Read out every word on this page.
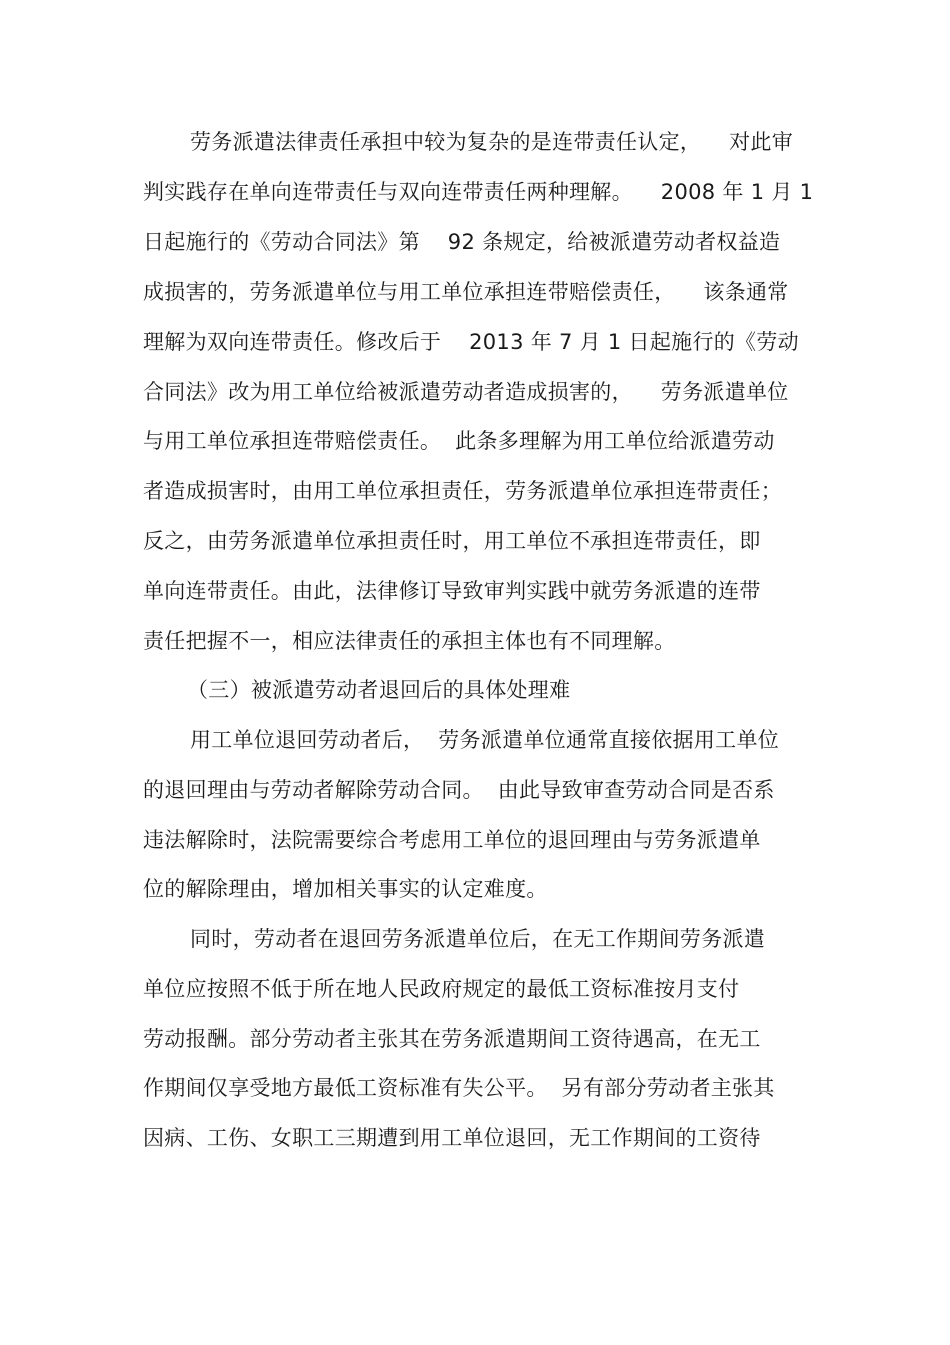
劳务派遣法律责任承担中较为复杂的是连带责任认定，    对此审
判实践存在单向连带责任与双向连带责任两种理解。    2008 年 1 月 1
日起施行的《劳动合同法》第    92 条规定，给被派遣劳动者权益造
成损害的，劳务派遣单位与用工单位承担连带赔偿责任，    该条通常
理解为双向连带责任。修改后于    2013 年 7 月 1 日起施行的《劳动
合同法》改为用工单位给被派遣劳动者造成损害的，    劳务派遣单位
与用工单位承担连带赔偿责任。  此条多理解为用工单位给派遣劳动
者造成损害时，由用工单位承担责任，劳务派遣单位承担连带责任；
反之，由劳务派遣单位承担责任时，用工单位不承担连带责任，即
单向连带责任。由此，法律修订导致审判实践中就劳务派遣的连带
责任把握不一，相应法律责任的承担主体也有不同理解。
（三）被派遣劳动者退回后的具体处理难
用工单位退回劳动者后，  劳务派遣单位通常直接依据用工单位
的退回理由与劳动者解除劳动合同。  由此导致审查劳动合同是否系
违法解除时，法院需要综合考虑用工单位的退回理由与劳务派遣单
位的解除理由，增加相关事实的认定难度。
同时，劳动者在退回劳务派遣单位后，在无工作期间劳务派遣
单位应按照不低于所在地人民政府规定的最低工资标准按月支付
劳动报酬。部分劳动者主张其在劳务派遣期间工资待遇高，在无工
作期间仅享受地方最低工资标准有失公平。  另有部分劳动者主张其
因病、工伤、女职工三期遭到用工单位退回，无工作期间的工资待
